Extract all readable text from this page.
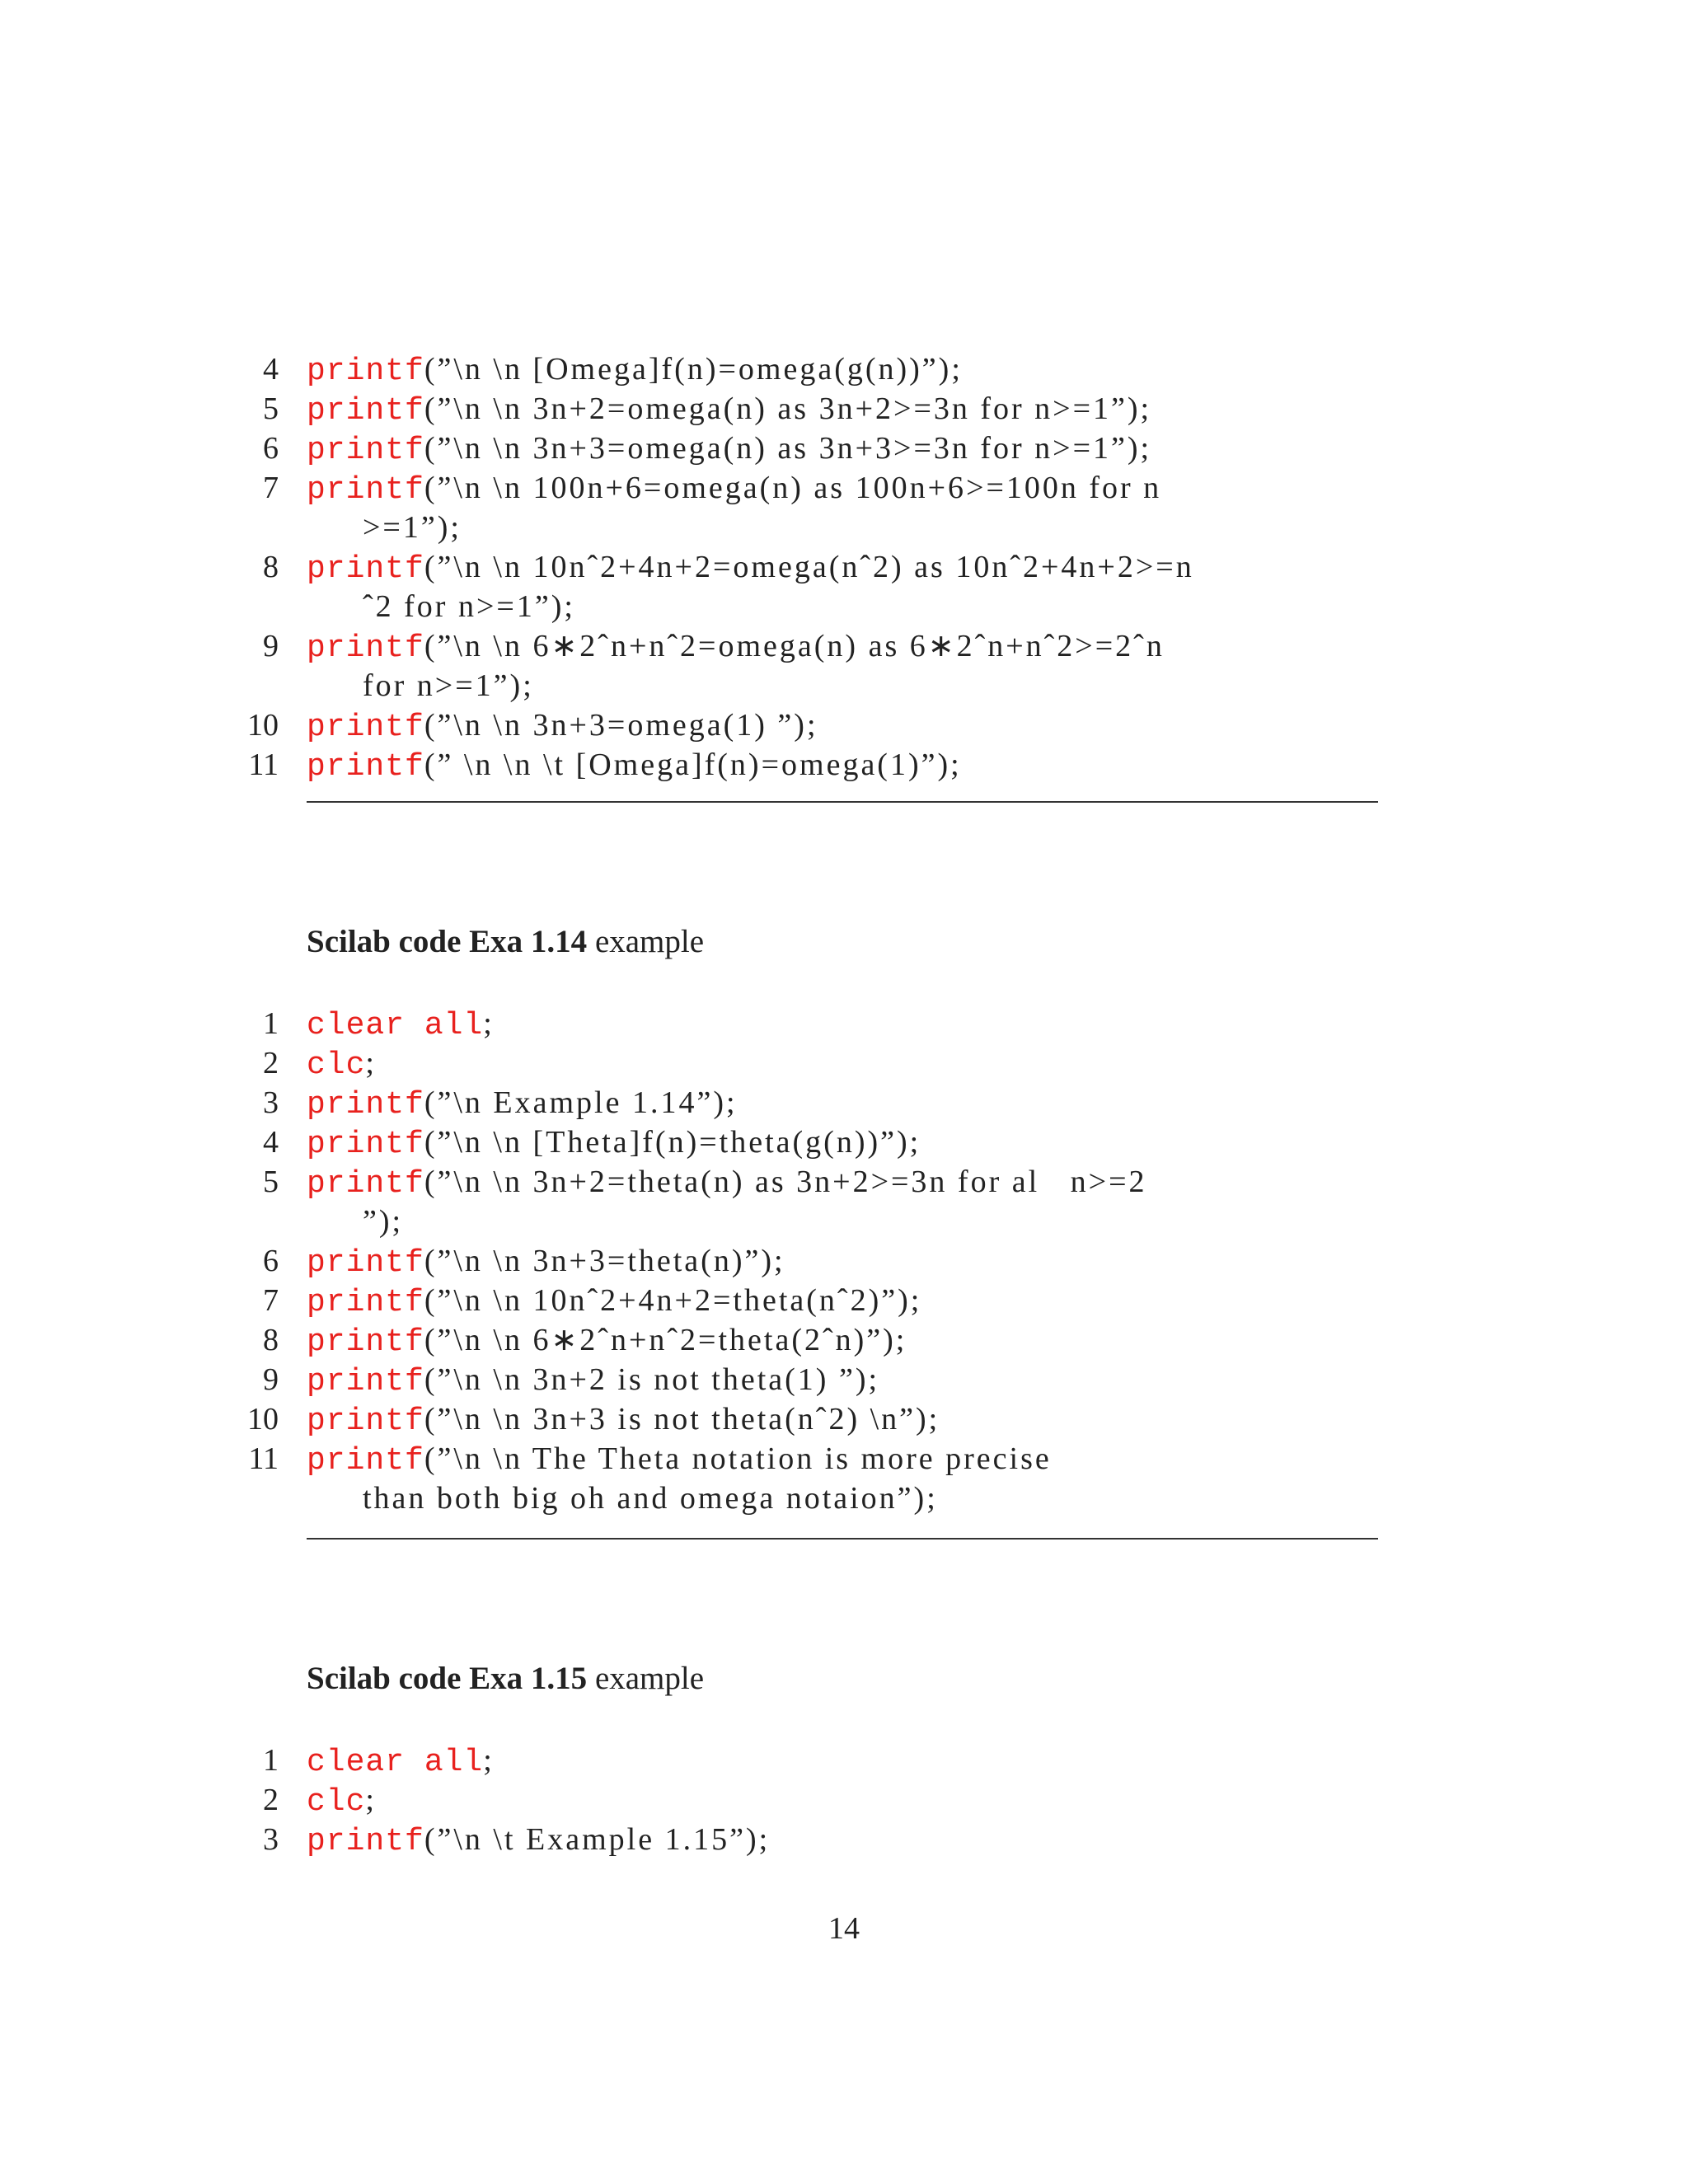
4 printf(”\n \n [Omega]f(n)=omega(g(n))”);
5 printf(”\n \n 3n+2=omega(n) as 3n+2>=3n for n>=1”);
6 printf(”\n \n 3n+3=omega(n) as 3n+3>=3n for n>=1”);
7 printf(”\n \n 100n+6=omega(n) as 100n+6>=100n for n
>=1”);
8 printf(”\n \n 10nˆ2+4n+2=omega(nˆ2) as 10nˆ2+4n+2>=n
ˆ2 for n>=1”);
9 printf(”\n \n 6∗2ˆn+nˆ2=omega(n) as 6∗2ˆn+nˆ2>=2ˆn
for n>=1”);
10 printf(”\n \n 3n+3=omega(1) ”);
11 printf(” \n \n \t [Omega]f(n)=omega(1)”);
Scilab code Exa 1.14 example
1 clear all;
2 clc;
3 printf(”\n Example 1.14”);
4 printf(”\n \n [Theta]f(n)=theta(g(n))”);
5 printf(”\n \n 3n+2=theta(n) as 3n+2>=3n for al   n>=2
”);
6 printf(”\n \n 3n+3=theta(n)”);
7 printf(”\n \n 10nˆ2+4n+2=theta(nˆ2)”);
8 printf(”\n \n 6∗2ˆn+nˆ2=theta(2ˆn)”);
9 printf(”\n \n 3n+2 is not theta(1) ”);
10 printf(”\n \n 3n+3 is not theta(nˆ2) \n”);
11 printf(”\n \n The Theta notation is more precise
than both big oh and omega notaion”);
Scilab code Exa 1.15 example
1 clear all;
2 clc;
3 printf(”\n \t Example 1.15”);
14
